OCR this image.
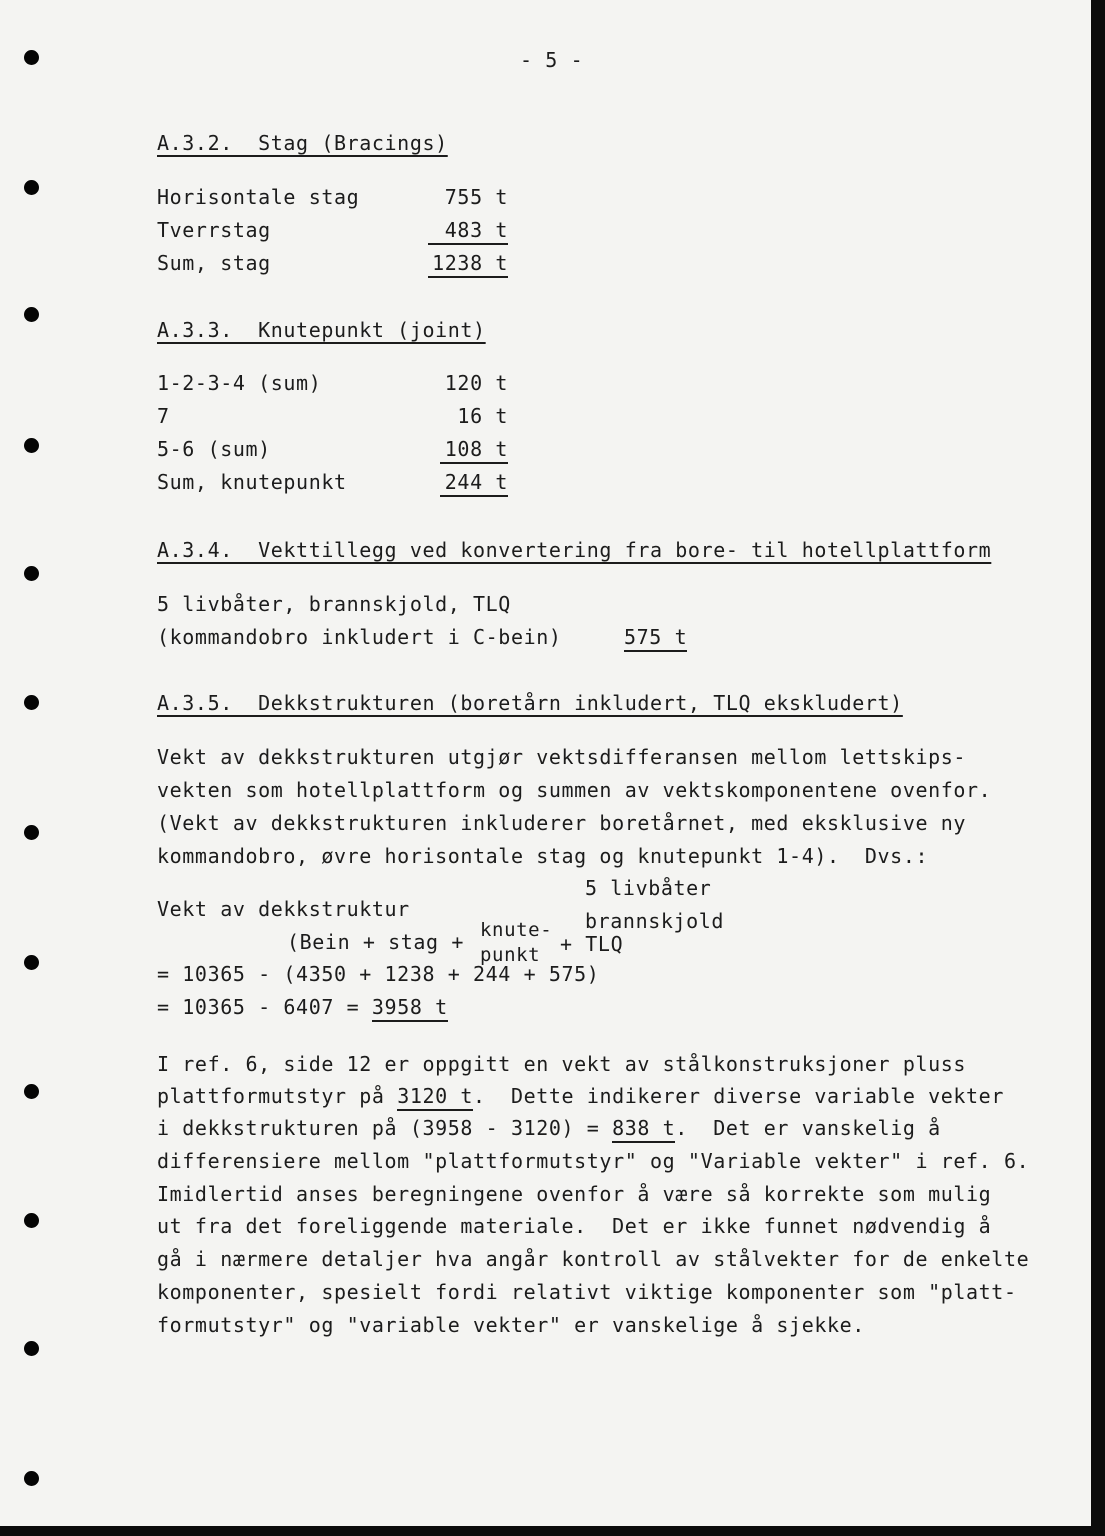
- 5 -
A.3.2.  Stag (Bracings)
Horisontale stag	755 t
Tverrstag	483 t
Sum, stag	1238 t
A.3.3.  Knutepunkt (joint)
1-2-3-4 (sum)	120 t
7	16 t
5-6 (sum)	108 t
Sum, knutepunkt	244 t
A.3.4.  Vekttillegg ved konvertering fra bore- til hotellplattform
5 livbåter, brannskjold, TLQ
(kommandobro inkludert i C-bein)	575 t
A.3.5.  Dekkstrukturen (boretårn inkludert, TLQ ekskludert)
Vekt av dekkstrukturen utgjør vektsdifferansen mellom lettskips-
vekten som hotellplattform og summen av vektskomponentene ovenfor.
(Vekt av dekkstrukturen inkluderer boretårnet, med eksklusive ny
kommandobro, øvre horisontale stag og knutepunkt 1-4).  Dvs.:
5 livbåter
Vekt av dekkstruktur	brannskjold
knute-
(Bein + stag +	+ TLQ
punkt
= 10365 - (4350 + 1238 + 244 + 575)
= 10365 - 6407 = 3958 t
I ref. 6, side 12 er oppgitt en vekt av stålkonstruksjoner pluss
plattformutstyr på 3120 t.  Dette indikerer diverse variable vekter
i dekkstrukturen på (3958 - 3120) = 838 t.  Det er vanskelig å
differensiere mellom "plattformutstyr" og "Variable vekter" i ref. 6.
Imidlertid anses beregningene ovenfor å være så korrekte som mulig
ut fra det foreliggende materiale.  Det er ikke funnet nødvendig å
gå i nærmere detaljer hva angår kontroll av stålvekter for de enkelte
komponenter, spesielt fordi relativt viktige komponenter som "platt-
formutstyr" og "variable vekter" er vanskelige å sjekke.
